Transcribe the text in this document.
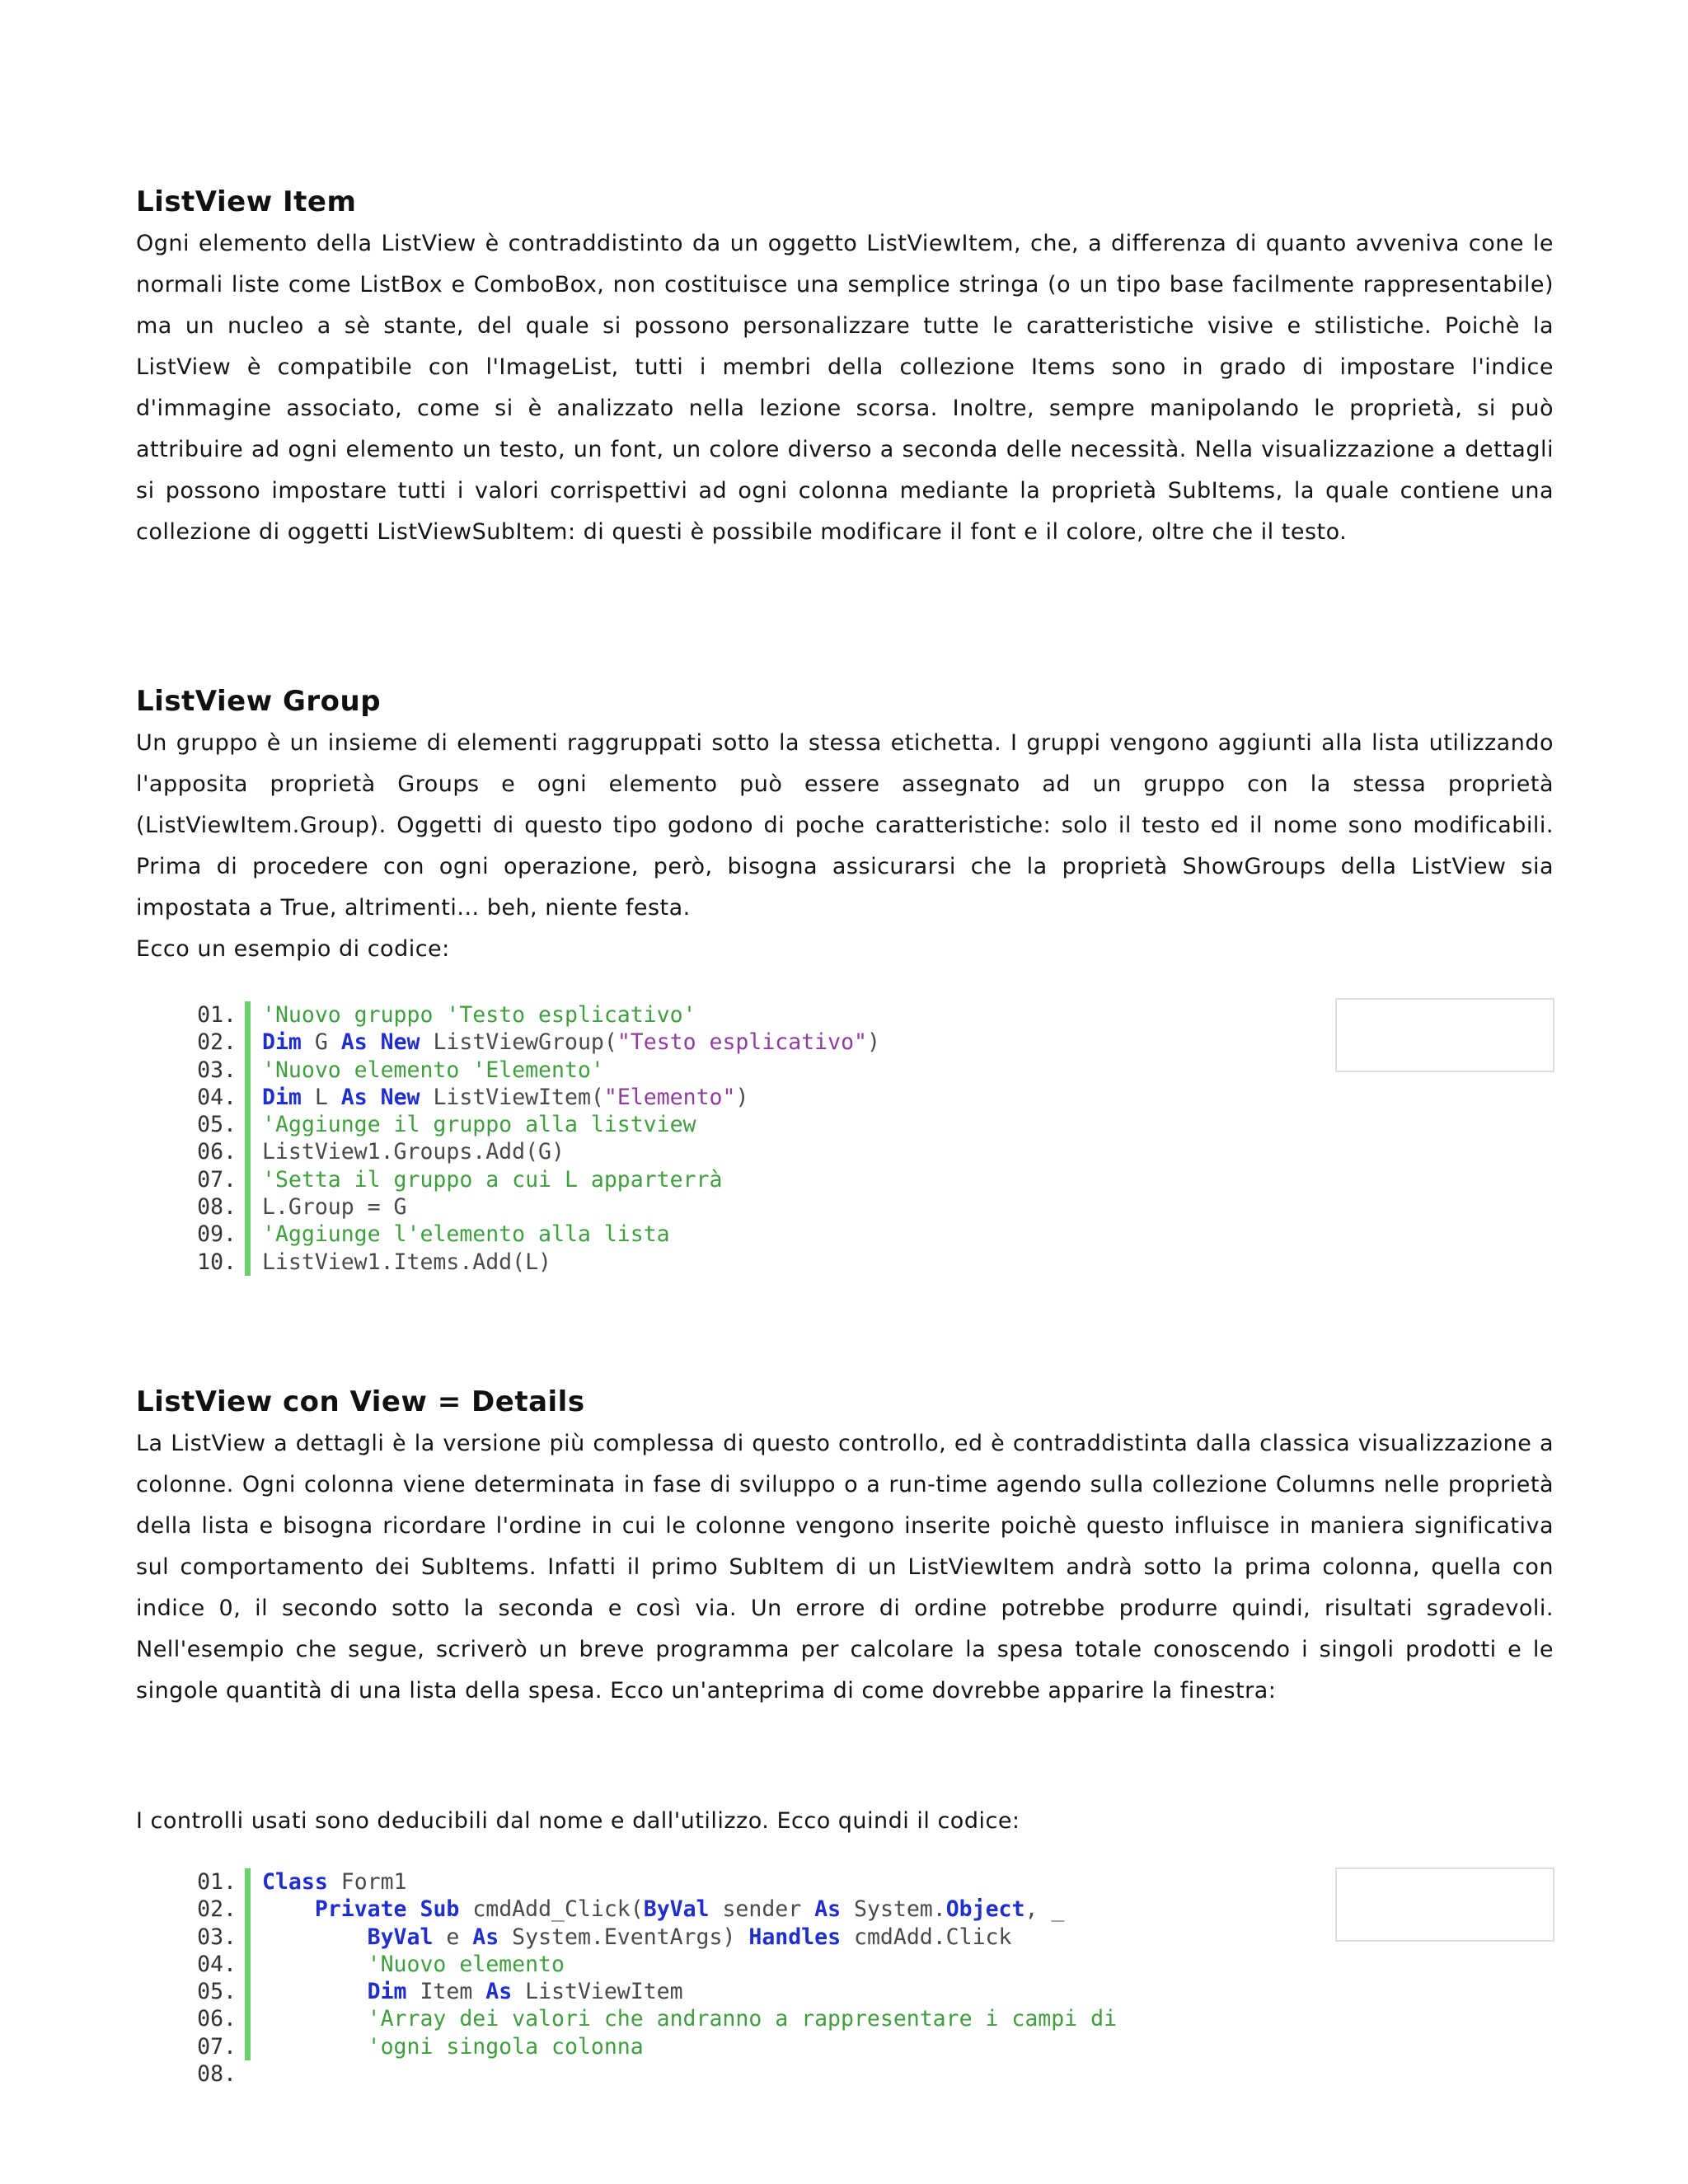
ListView Item

Ogni elemento della ListView è contraddistinto da un oggetto ListViewItem, che, a differenza di quanto avveniva cone le normali liste come ListBox e ComboBox, non costituisce una semplice stringa (o un tipo base facilmente rappresentabile) ma un nucleo a sè stante, del quale si possono personalizzare tutte le caratteristiche visive e stilistiche. Poichè la ListView è compatibile con l'ImageList, tutti i membri della collezione Items sono in grado di impostare l'indice d'immagine associato, come si è analizzato nella lezione scorsa. Inoltre, sempre manipolando le proprietà, si può attribuire ad ogni elemento un testo, un font, un colore diverso a seconda delle necessità. Nella visualizzazione a dettagli si possono impostare tutti i valori corrispettivi ad ogni colonna mediante la proprietà SubItems, la quale contiene una collezione di oggetti ListViewSubItem: di questi è possibile modificare il font e il colore, oltre che il testo.

ListView Group

Un gruppo è un insieme di elementi raggruppati sotto la stessa etichetta. I gruppi vengono aggiunti alla lista utilizzando l'apposita proprietà Groups e ogni elemento può essere assegnato ad un gruppo con la stessa proprietà (ListViewItem.Group). Oggetti di questo tipo godono di poche caratteristiche: solo il testo ed il nome sono modificabili. Prima di procedere con ogni operazione, però, bisogna assicurarsi che la proprietà ShowGroups della ListView sia impostata a True, altrimenti... beh, niente festa.

Ecco un esempio di codice:

ListView con View = Details

La ListView a dettagli è la versione più complessa di questo controllo, ed è contraddistinta dalla classica visualizzazione a colonne. Ogni colonna viene determinata in fase di sviluppo o a run-time agendo sulla collezione Columns nelle proprietà della lista e bisogna ricordare l'ordine in cui le colonne vengono inserite poichè questo influisce in maniera significativa sul comportamento dei SubItems. Infatti il primo SubItem di un ListViewItem andrà sotto la prima colonna, quella con indice 0, il secondo sotto la seconda e così via. Un errore di ordine potrebbe produrre quindi, risultati sgradevoli. Nell'esempio che segue, scriverò un breve programma per calcolare la spesa totale conoscendo i singoli prodotti e le singole quantità di una lista della spesa. Ecco un'anteprima di come dovrebbe apparire la finestra:

I controlli usati sono deducibili dal nome e dall'utilizzo. Ecco quindi il codice:

01.	'Nuovo gruppo 'Testo esplicativo'
02.	Dim G As New ListViewGroup("Testo esplicativo")
03.	'Nuovo elemento 'Elemento'
04.	Dim L As New ListViewItem("Elemento")
05.	'Aggiunge il gruppo alla listview
06.	ListView1.Groups.Add(G)
07.	'Setta il gruppo a cui L apparterrà
08.	L.Group = G
09.	'Aggiunge l'elemento alla lista
10.	ListView1.Items.Add(L)
01.	Class Form1
02.	Private Sub cmdAdd_Click(ByVal sender As System.Object, _
03.	ByVal e As System.EventArgs) Handles cmdAdd.Click
04.	'Nuovo elemento
05.	Dim Item As ListViewItem
06.	'Array dei valori che andranno a rappresentare i campi di
07.	'ogni singola colonna
08.
